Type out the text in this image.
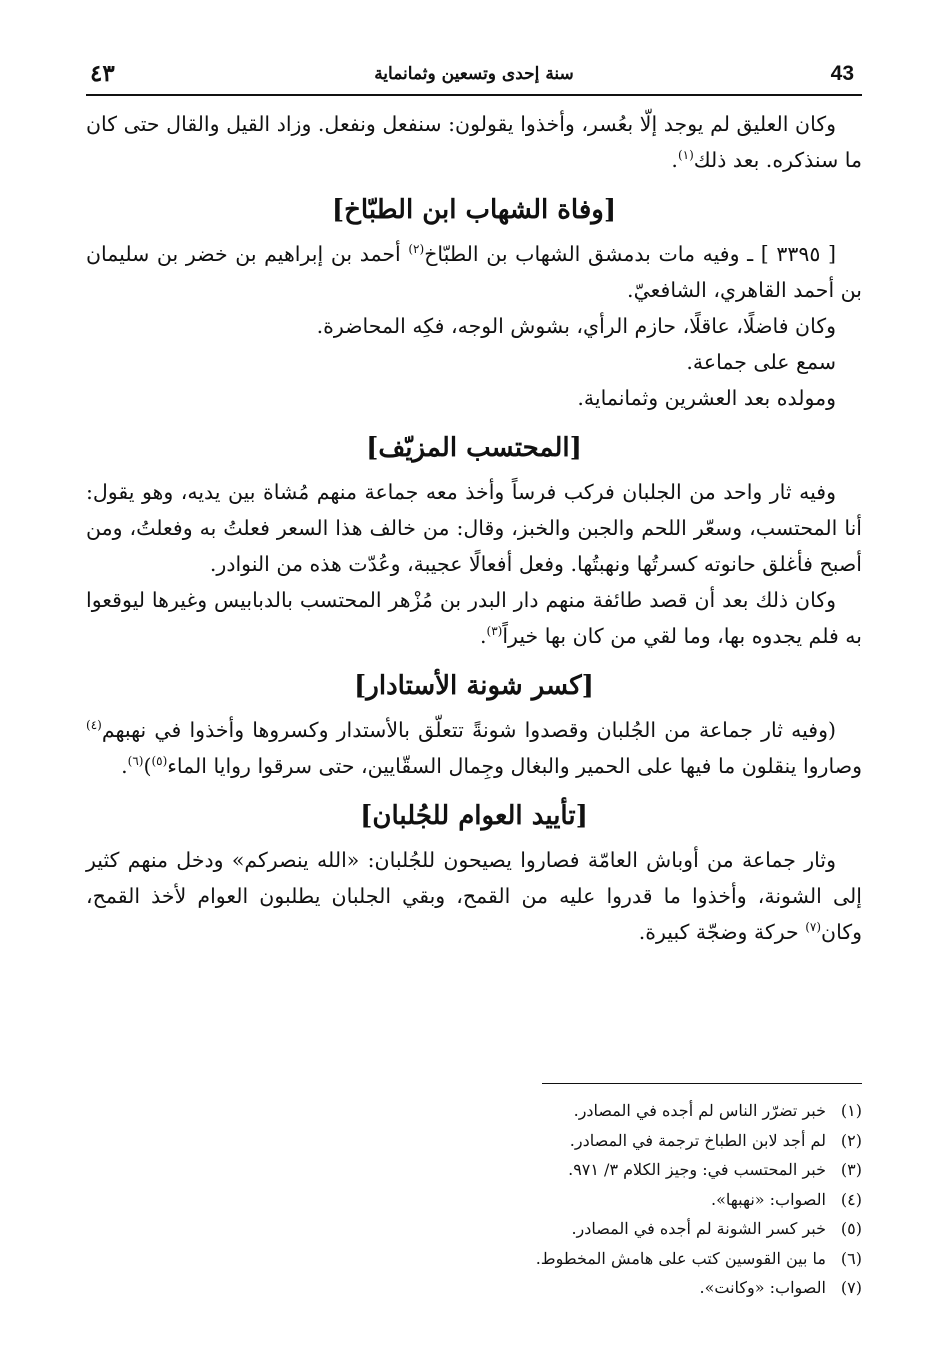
43
سنة إحدى وتسعين وثمانماية
٤٣

وكان العليق لم يوجد إلّا بعُسر، وأخذوا يقولون: سنفعل ونفعل. وزاد القيل والقال حتى كان ما سنذكره. بعد ذلك$^{(١)}$.

[وفاة الشهاب ابن الطبّاخ]

[ ٣٣٩٥ ] ـ وفيه مات بدمشق الشهاب بن الطبّاخ$^{(٢)}$ أحمد بن إبراهيم بن خضر بن سليمان بن أحمد القاهري، الشافعيّ.

وكان فاضلًا، عاقلًا، حازم الرأي، بشوش الوجه، فكِه المحاضرة.

سمع على جماعة.

ومولده بعد العشرين وثمانماية.

[المحتسب المزيّف]

وفيه ثار واحد من الجلبان فركب فرساً وأخذ معه جماعة منهم مُشاة بين يديه، وهو يقول: أنا المحتسب، وسعّر اللحم والجبن والخبز، وقال: من خالف هذا السعر فعلتُ به وفعلتُ، ومن أصبح فأغلق حانوته كسرتُها ونهبتُها. وفعل أفعالًا عجيبة، وعُدّت هذه من النوادر.

وكان ذلك بعد أن قصد طائفة منهم دار البدر بن مُزْهر المحتسب بالدبابيس وغيرها ليوقعوا به فلم يجدوه بها، وما لقي من كان بها خيراً$^{(٣)}$.

[كسر شونة الأستادار]

(وفيه ثار جماعة من الجُلبان وقصدوا شونةً تتعلّق بالأستدار وكسروها وأخذوا في نهبهم$^{(٤)}$ وصاروا ينقلون ما فيها على الحمير والبغال وجِمال السقّايين، حتى سرقوا روايا الماء$^{(٥)}$)$^{(٦)}$.

[تأييد العوام للجُلبان]

وثار جماعة من أوباش العامّة فصاروا يصيحون للجُلبان: «الله ينصركم» ودخل منهم كثير إلى الشونة، وأخذوا ما قدروا عليه من القمح، وبقي الجلبان يطلبون العوام لأخذ القمح، وكان$^{(٧)}$ حركة وضجّة كبيرة.

(١)
خبر تضرّر الناس لم أجده في المصادر.
(٢)
لم أجد لابن الطباخ ترجمة في المصادر.
(٣)
خبر المحتسب في: وجيز الكلام ٣/ ٩٧١.
(٤)
الصواب: «نهبها».
(٥)
خبر كسر الشونة لم أجده في المصادر.
(٦)
ما بين القوسين كتب على هامش المخطوط.
(٧)
الصواب: «وكانت».
